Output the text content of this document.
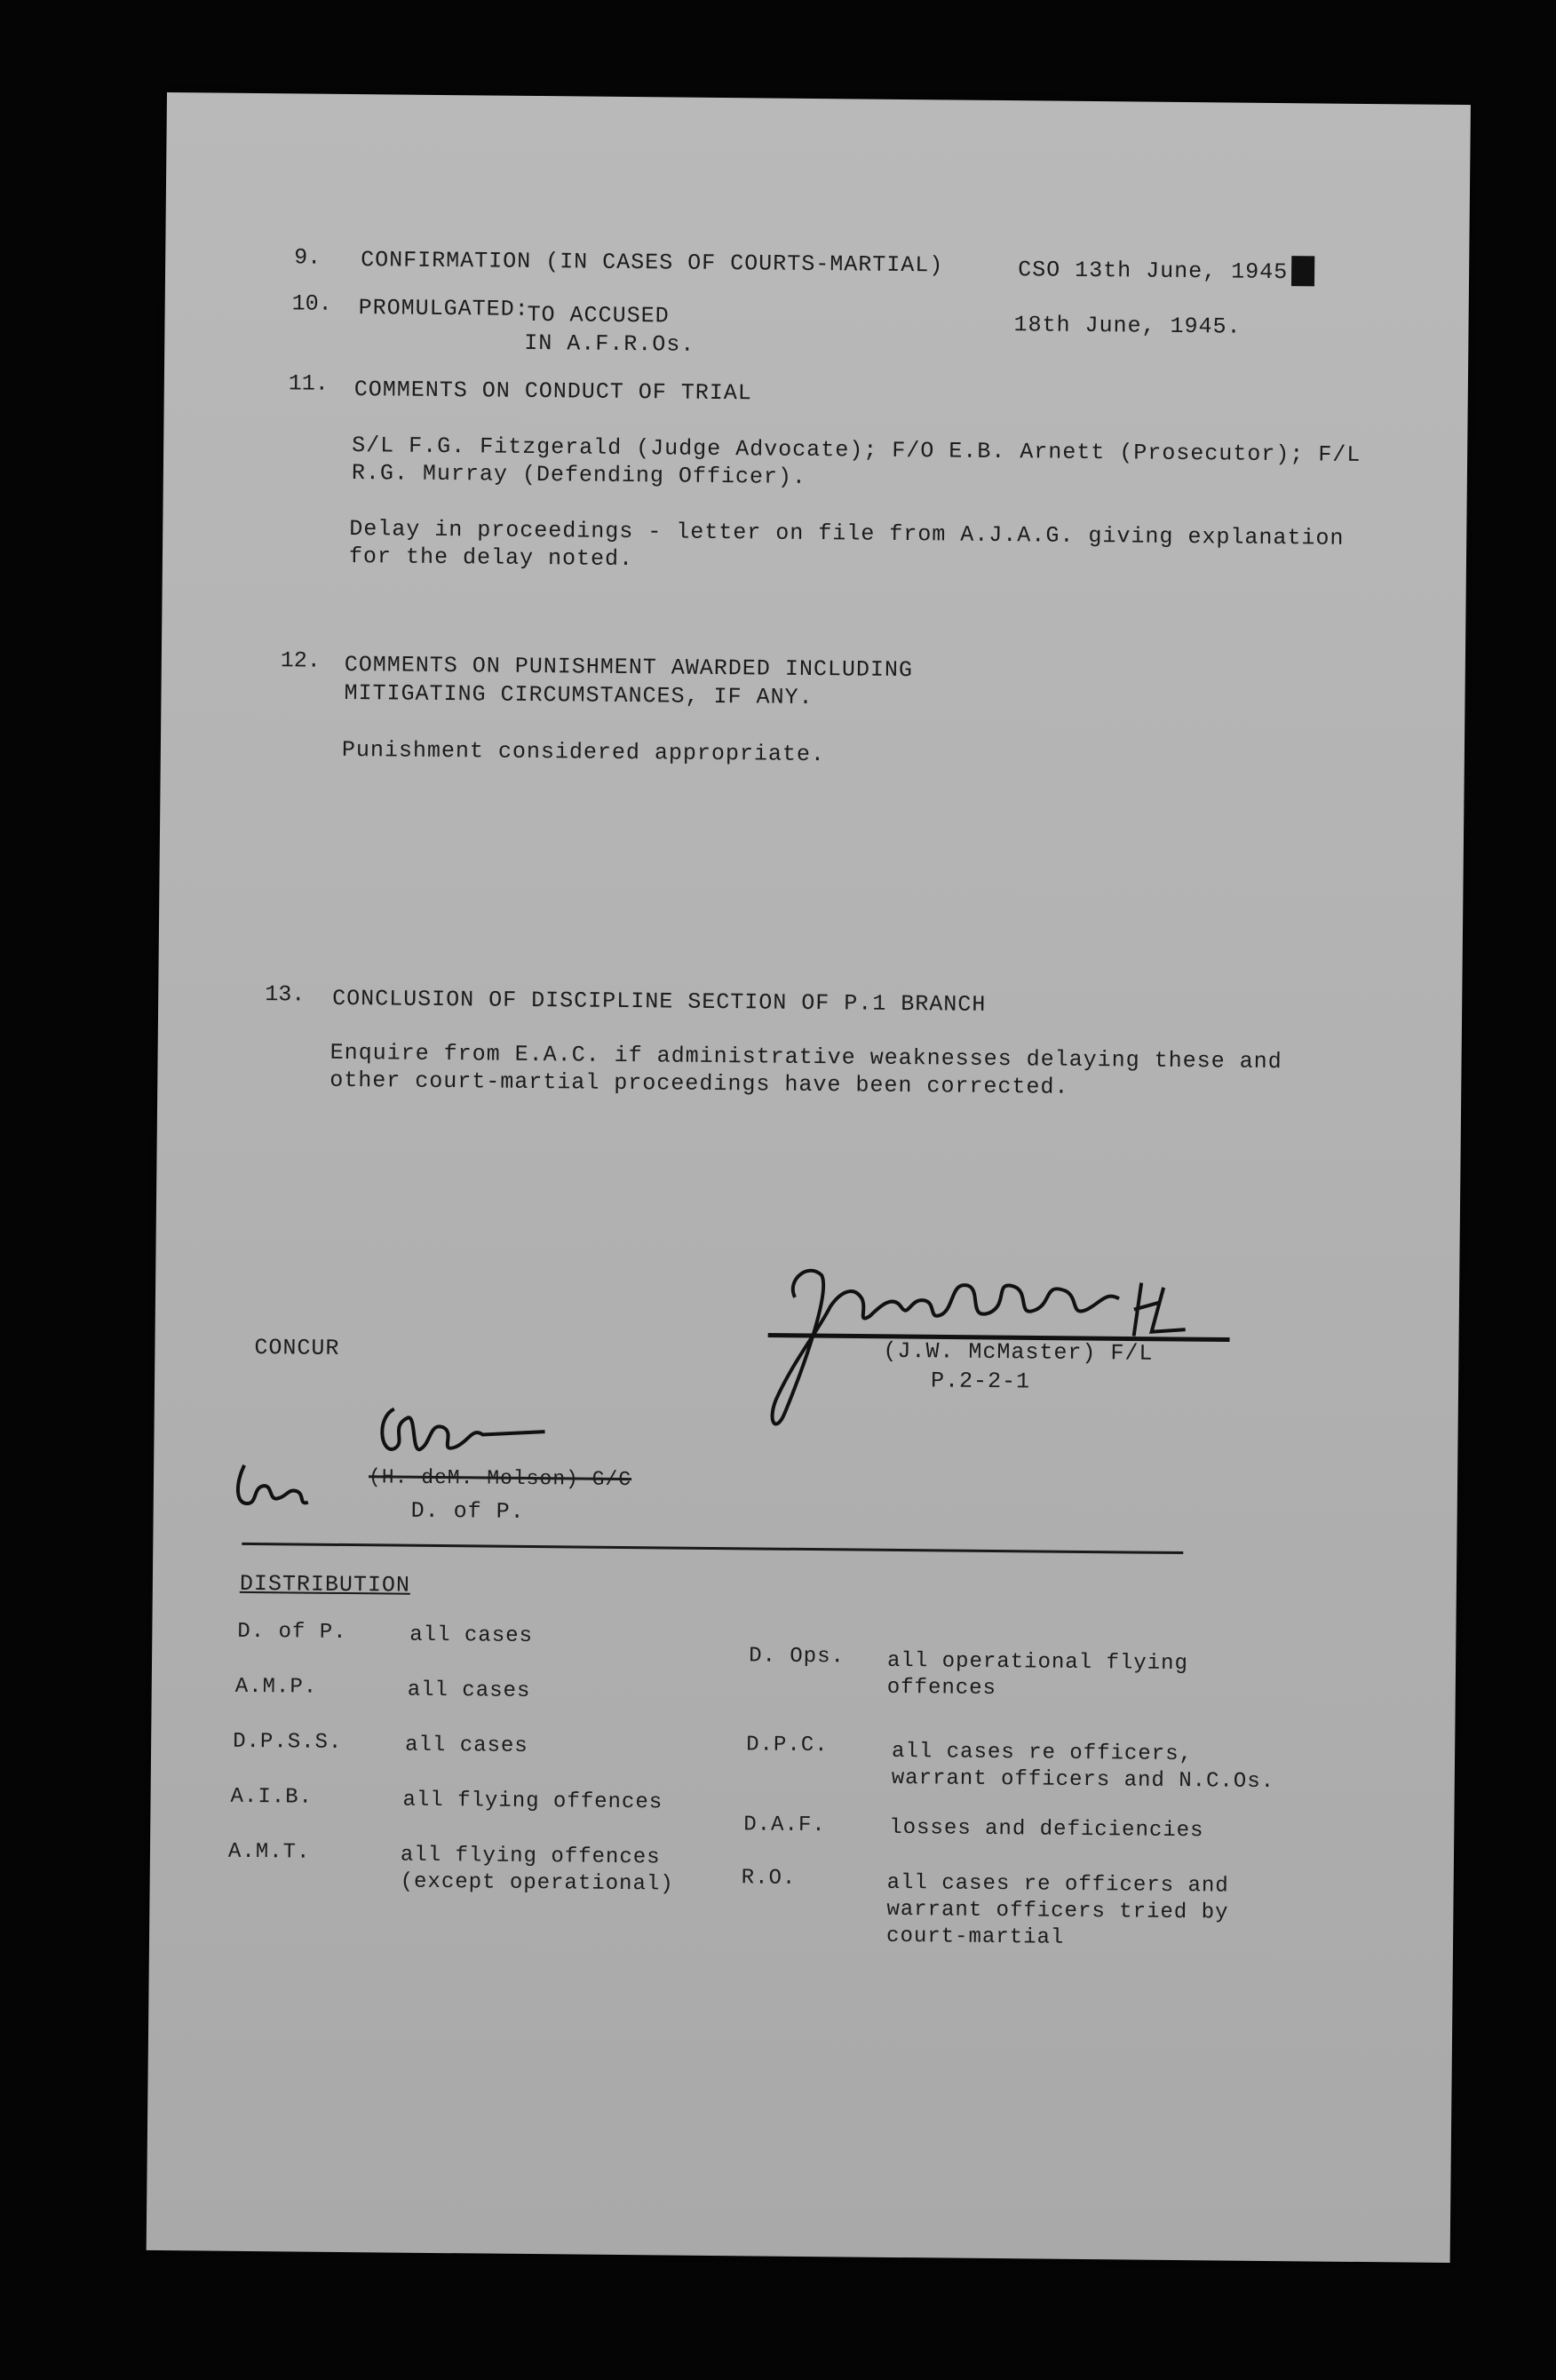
9. CONFIRMATION (IN CASES OF COURTS-MARTIAL)	CSO 13th June, 1945
10. PROMULGATED:
TO ACCUSED
IN A.F.R.Os.
18th June, 1945.
11. COMMENTS ON CONDUCT OF TRIAL
S/L F.G. Fitzgerald (Judge Advocate); F/O E.B. Arnett (Prosecutor); F/L R.G. Murray (Defending Officer).
Delay in proceedings - letter on file from A.J.A.G. giving explanation for the delay noted.
12. COMMENTS ON PUNISHMENT AWARDED INCLUDING
MITIGATING CIRCUMSTANCES, IF ANY.
Punishment considered appropriate.
13. CONCLUSION OF DISCIPLINE SECTION OF P.1 BRANCH
Enquire from E.A.C. if administrative weaknesses delaying these and other court-martial proceedings have been corrected.
(J.W. McMaster) F/L
P.2-2-1
CONCUR
(H. deM. Molson) G/C
D. of P.
DISTRIBUTION
D. of P.	all cases
A.M.P.	all cases
D.P.S.S.	all cases
A.I.B.	all flying offences
A.M.T.	all flying offences
(except operational)
D. Ops. all operational flying
offences
D.P.C.	all cases re officers,
warrant officers and N.C.Os.
D.A.F.	losses and deficiencies
R.O.	all cases re officers and
warrant officers tried by
court-martial
